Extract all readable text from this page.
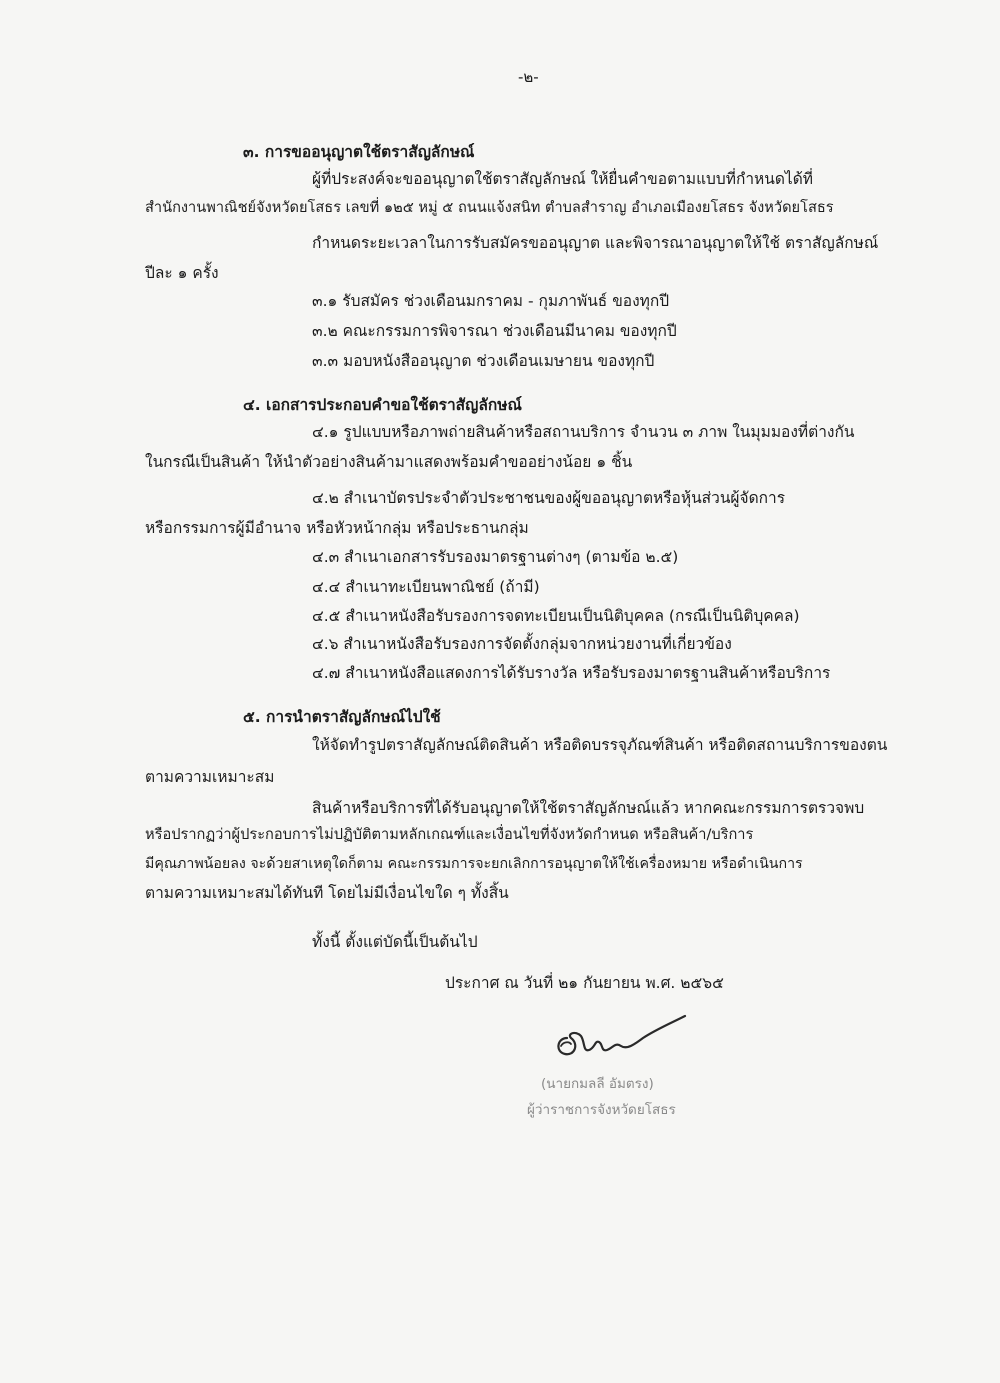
-๒-
๓. การขออนุญาตใช้ตราสัญลักษณ์
ผู้ที่ประสงค์จะขออนุญาตใช้ตราสัญลักษณ์ ให้ยื่นคำขอตามแบบที่กำหนดได้ที่
สำนักงานพาณิชย์จังหวัดยโสธร เลขที่ ๑๒๕ หมู่ ๕ ถนนแจ้งสนิท ตำบลสำราญ อำเภอเมืองยโสธร จังหวัดยโสธร
กำหนดระยะเวลาในการรับสมัครขออนุญาต และพิจารณาอนุญาตให้ใช้ ตราสัญลักษณ์
ปีละ ๑ ครั้ง
๓.๑ รับสมัคร ช่วงเดือนมกราคม - กุมภาพันธ์ ของทุกปี
๓.๒ คณะกรรมการพิจารณา ช่วงเดือนมีนาคม ของทุกปี
๓.๓ มอบหนังสืออนุญาต ช่วงเดือนเมษายน ของทุกปี
๔. เอกสารประกอบคำขอใช้ตราสัญลักษณ์
๔.๑ รูปแบบหรือภาพถ่ายสินค้าหรือสถานบริการ จำนวน ๓ ภาพ ในมุมมองที่ต่างกัน
ในกรณีเป็นสินค้า ให้นำตัวอย่างสินค้ามาแสดงพร้อมคำขออย่างน้อย ๑ ชิ้น
๔.๒ สำเนาบัตรประจำตัวประชาชนของผู้ขออนุญาตหรือหุ้นส่วนผู้จัดการ
หรือกรรมการผู้มีอำนาจ หรือหัวหน้ากลุ่ม หรือประธานกลุ่ม
๔.๓ สำเนาเอกสารรับรองมาตรฐานต่างๆ (ตามข้อ ๒.๕)
๔.๔ สำเนาทะเบียนพาณิชย์ (ถ้ามี)
๔.๕ สำเนาหนังสือรับรองการจดทะเบียนเป็นนิติบุคคล (กรณีเป็นนิติบุคคล)
๔.๖ สำเนาหนังสือรับรองการจัดตั้งกลุ่มจากหน่วยงานที่เกี่ยวข้อง
๔.๗ สำเนาหนังสือแสดงการได้รับรางวัล หรือรับรองมาตรฐานสินค้าหรือบริการ
๕. การนำตราสัญลักษณ์ไปใช้
ให้จัดทำรูปตราสัญลักษณ์ติดสินค้า หรือติดบรรจุภัณฑ์สินค้า หรือติดสถานบริการของตน
ตามความเหมาะสม
สินค้าหรือบริการที่ได้รับอนุญาตให้ใช้ตราสัญลักษณ์แล้ว หากคณะกรรมการตรวจพบ
หรือปรากฏว่าผู้ประกอบการไม่ปฏิบัติตามหลักเกณฑ์และเงื่อนไขที่จังหวัดกำหนด หรือสินค้า/บริการ
มีคุณภาพน้อยลง จะด้วยสาเหตุใดก็ตาม คณะกรรมการจะยกเลิกการอนุญาตให้ใช้เครื่องหมาย หรือดำเนินการ
ตามความเหมาะสมได้ทันที โดยไม่มีเงื่อนไขใด ๆ ทั้งสิ้น
ทั้งนี้ ตั้งแต่บัดนี้เป็นต้นไป
ประกาศ ณ วันที่ ๒๑ กันยายน พ.ศ. ๒๕๖๕
(นายกมลลี อัมตรง)
ผู้ว่าราชการจังหวัดยโสธร
